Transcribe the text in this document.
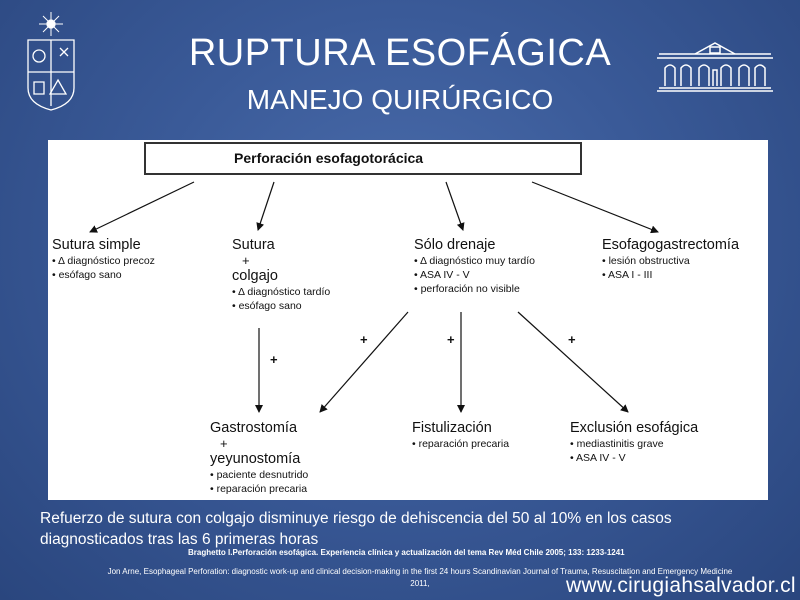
RUPTURA ESOFÁGICA
MANEJO QUIRÚRGICO
Perforación esofagotorácica
Sutura simple
• Δ diagnóstico precoz
• esófago sano
Sutura
+
colgajo
• Δ diagnóstico tardío
• esófago sano
Sólo drenaje
• Δ diagnóstico muy tardío
• ASA IV - V
• perforación no visible
Esofagogastrectomía
• lesión obstructiva
• ASA I - III
+
+	+	+
Gastrostomía
+
yeyunostomía
• paciente desnutrido
• reparación precaria
Fistulización
• reparación precaria
Exclusión esofágica
• mediastinitis grave
• ASA IV - V
Refuerzo de sutura con colgajo disminuye riesgo de dehiscencia del 50 al 10% en los casos diagnosticados tras las 6 primeras horas
Braghetto I.Perforación esofágica. Experiencia clínica y actualización del tema Rev Méd Chile 2005; 133: 1233-1241
Jon Arne, Esophageal Perforation: diagnostic work-up and clinical decision-making in the first 24 hours Scandinavian Journal of Trauma, Resuscitation and Emergency Medicine 2011,	www.cirugiahsalvador.cl
